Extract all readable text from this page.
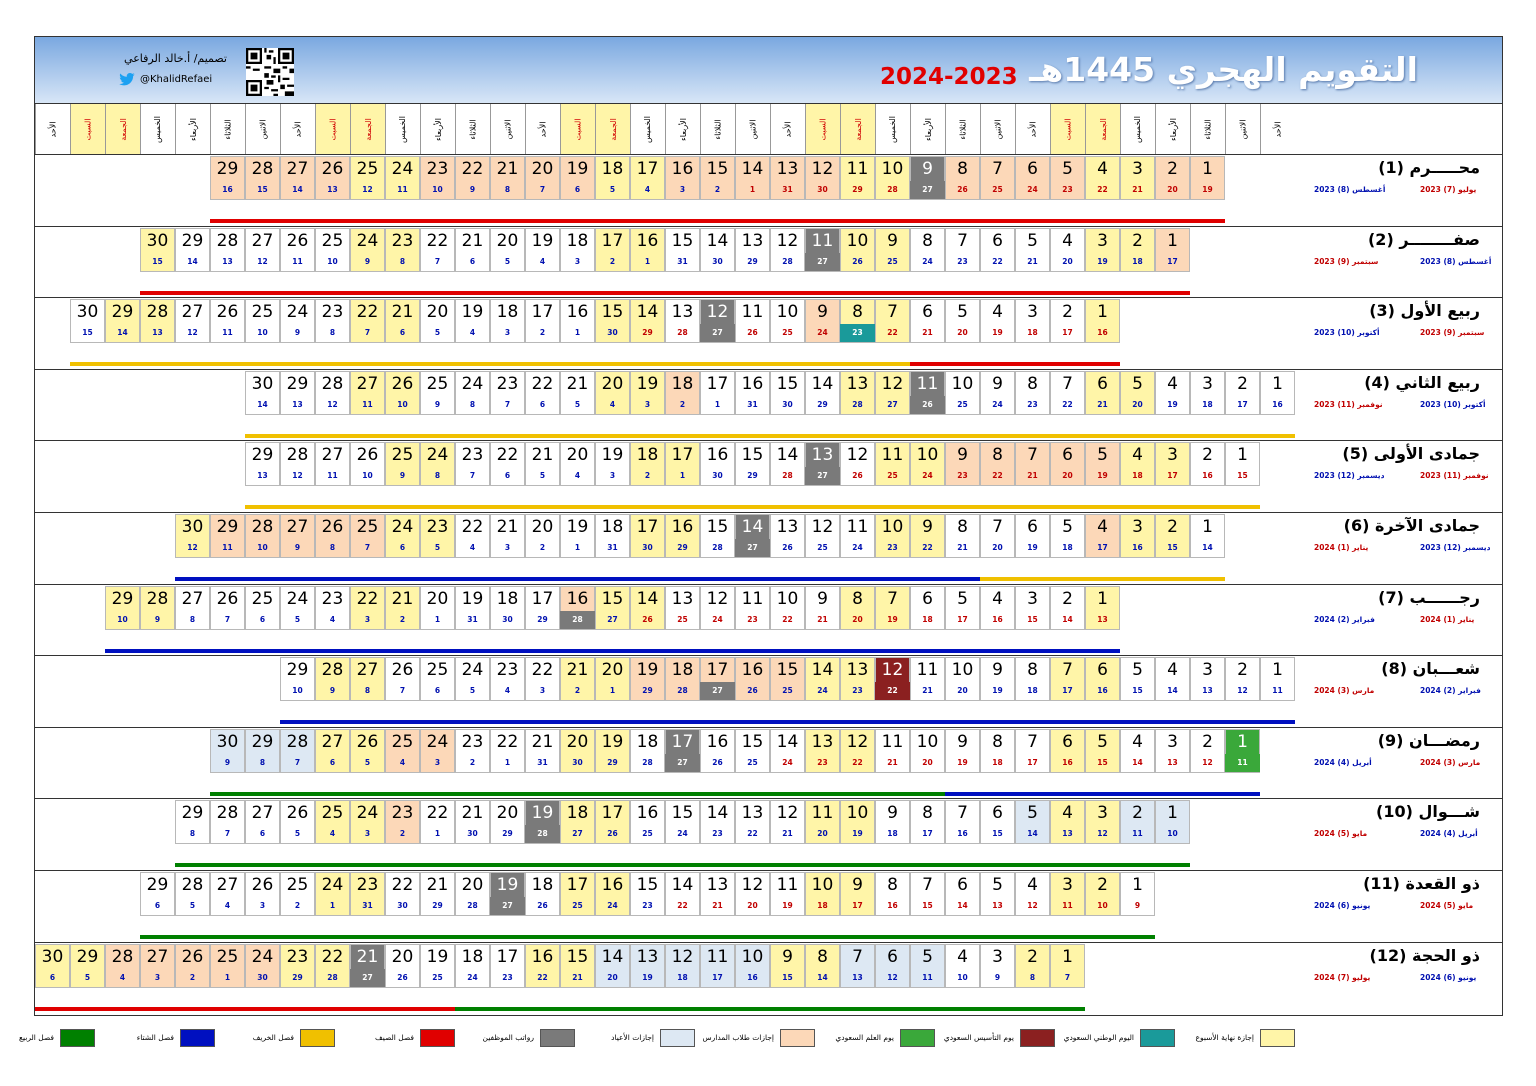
التقويم الهجري 1445هـ
2024-2023
تصميم/ أ.خالد الرفاعي
@KhalidRefaei
الأحد
الاثنين
الثلاثاء
الأربعاء
الخميس
الجمعة
السبت
الأحد
الاثنين
الثلاثاء
الأربعاء
الخميس
الجمعة
السبت
الأحد
الاثنين
الثلاثاء
الأربعاء
الخميس
الجمعة
السبت
الأحد
الاثنين
الثلاثاء
الأربعاء
الخميس
الجمعة
السبت
الأحد
الاثنين
الثلاثاء
الأربعاء
الخميس
الجمعة
السبت
الأحد
محـــــرم (1)
يوليو (7) 2023
أغسطس (8) 2023
1
19
2
20
3
21
4
22
5
23
6
24
7
25
8
26
9
27
10
28
11
29
12
30
13
31
14
1
15
2
16
3
17
4
18
5
19
6
20
7
21
8
22
9
23
10
24
11
25
12
26
13
27
14
28
15
29
16
صفــــــــر (2)
أغسطس (8) 2023
سبتمبر (9) 2023
1
17
2
18
3
19
4
20
5
21
6
22
7
23
8
24
9
25
10
26
11
27
12
28
13
29
14
30
15
31
16
1
17
2
18
3
19
4
20
5
21
6
22
7
23
8
24
9
25
10
26
11
27
12
28
13
29
14
30
15
ربيع الأول (3)
سبتمبر (9) 2023
أكتوبر (10) 2023
1
16
2
17
3
18
4
19
5
20
6
21
7
22
8
23
9
24
10
25
11
26
12
27
13
28
14
29
15
30
16
1
17
2
18
3
19
4
20
5
21
6
22
7
23
8
24
9
25
10
26
11
27
12
28
13
29
14
30
15
ربيع الثاني (4)
أكتوبر (10) 2023
نوفمبر (11) 2023
1
16
2
17
3
18
4
19
5
20
6
21
7
22
8
23
9
24
10
25
11
26
12
27
13
28
14
29
15
30
16
31
17
1
18
2
19
3
20
4
21
5
22
6
23
7
24
8
25
9
26
10
27
11
28
12
29
13
30
14
جمادى الأولى (5)
نوفمبر (11) 2023
ديسمبر (12) 2023
1
15
2
16
3
17
4
18
5
19
6
20
7
21
8
22
9
23
10
24
11
25
12
26
13
27
14
28
15
29
16
30
17
1
18
2
19
3
20
4
21
5
22
6
23
7
24
8
25
9
26
10
27
11
28
12
29
13
جمادى الآخرة (6)
ديسمبر (12) 2023
يناير (1) 2024
1
14
2
15
3
16
4
17
5
18
6
19
7
20
8
21
9
22
10
23
11
24
12
25
13
26
14
27
15
28
16
29
17
30
18
31
19
1
20
2
21
3
22
4
23
5
24
6
25
7
26
8
27
9
28
10
29
11
30
12
رجــــــب (7)
يناير (1) 2024
فبراير (2) 2024
1
13
2
14
3
15
4
16
5
17
6
18
7
19
8
20
9
21
10
22
11
23
12
24
13
25
14
26
15
27
16
28
17
29
18
30
19
31
20
1
21
2
22
3
23
4
24
5
25
6
26
7
27
8
28
9
29
10
شعـــبان (8)
فبراير (2) 2024
مارس (3) 2024
1
11
2
12
3
13
4
14
5
15
6
16
7
17
8
18
9
19
10
20
11
21
12
22
13
23
14
24
15
25
16
26
17
27
18
28
19
29
20
1
21
2
22
3
23
4
24
5
25
6
26
7
27
8
28
9
29
10
رمضـــان (9)
مارس (3) 2024
أبريل (4) 2024
1
11
2
12
3
13
4
14
5
15
6
16
7
17
8
18
9
19
10
20
11
21
12
22
13
23
14
24
15
25
16
26
17
27
18
28
19
29
20
30
21
31
22
1
23
2
24
3
25
4
26
5
27
6
28
7
29
8
30
9
شـــوال (10)
أبريل (4) 2024
مايو (5) 2024
1
10
2
11
3
12
4
13
5
14
6
15
7
16
8
17
9
18
10
19
11
20
12
21
13
22
14
23
15
24
16
25
17
26
18
27
19
28
20
29
21
30
22
1
23
2
24
3
25
4
26
5
27
6
28
7
29
8
ذو القعدة (11)
مايو (5) 2024
يونيو (6) 2024
1
9
2
10
3
11
4
12
5
13
6
14
7
15
8
16
9
17
10
18
11
19
12
20
13
21
14
22
15
23
16
24
17
25
18
26
19
27
20
28
21
29
22
30
23
31
24
1
25
2
26
3
27
4
28
5
29
6
ذو الحجة (12)
يونيو (6) 2024
يوليو (7) 2024
1
7
2
8
3
9
4
10
5
11
6
12
7
13
8
14
9
15
10
16
11
17
12
18
13
19
14
20
15
21
16
22
17
23
18
24
19
25
20
26
21
27
22
28
23
29
24
30
25
1
26
2
27
3
28
4
29
5
30
6
إجازة نهاية الأسبوع
اليوم الوطني السعودي
يوم التأسيس السعودي
يوم العلم السعودي
إجازات طلاب المدارس
إجازات الأعياد
رواتب الموظفين
فصل الصيف
فصل الخريف
فصل الشتاء
فصل الربيع
